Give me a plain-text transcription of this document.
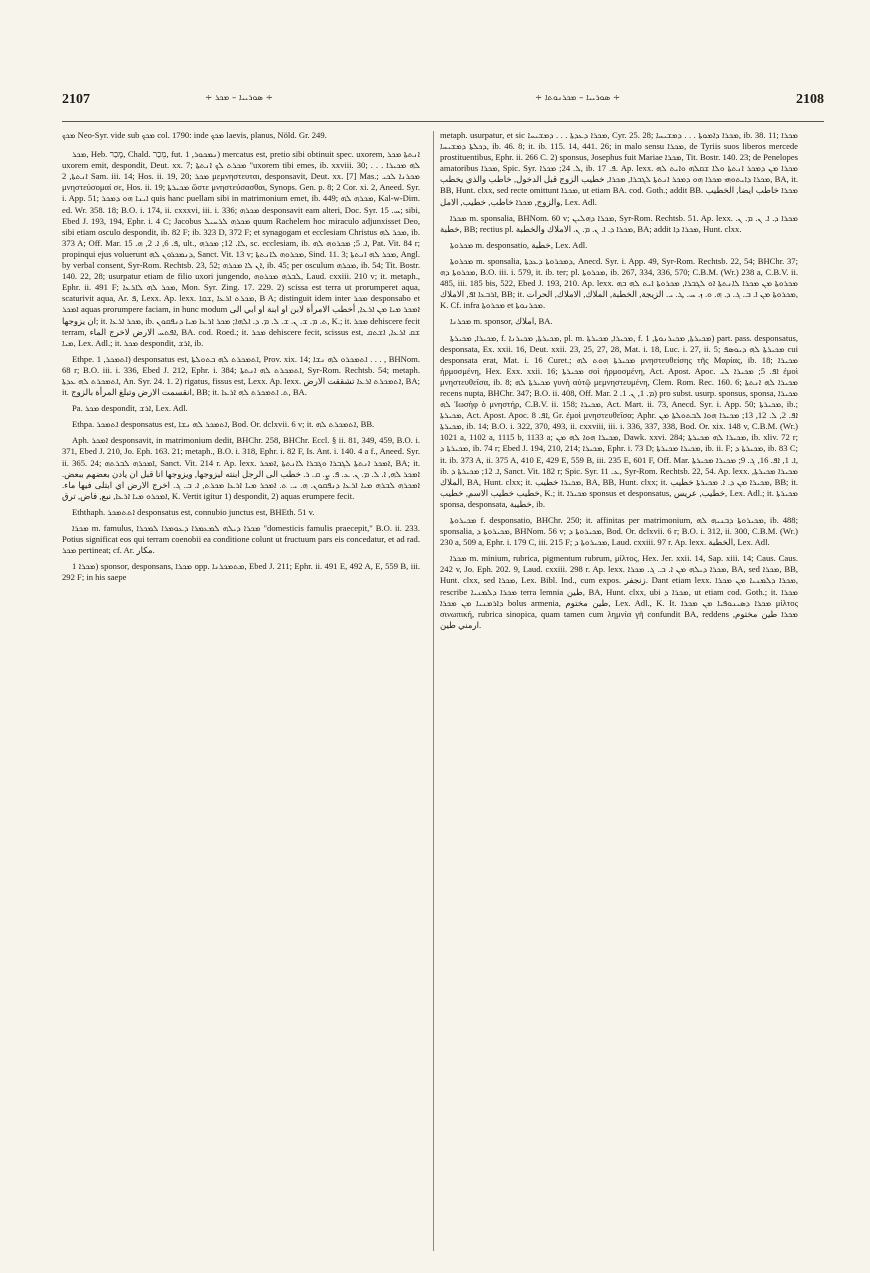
2107	∻ ܣܘܪܝܝܐ – ܡܟܪ ∻	∻ ܣܘܪܝܝܐ – ܡܟܪܢܘܬܐ ∻	2108

ܡܟܟ Neo-Syr. vide sub ܡܟܟ col. 1790: inde ܡܟܟ laevis, planus, Nöld. Gr. 249.

ܡܟܪ, Heb. מָכַר, Chald. מְכַר, fut. ܢܡܟܘܪ, 1) mercatus est, pretio sibi obtinuit spec. uxorem, ܐܢܬܬܐ ܡܟܪ uxorem emit, despondit, Deut. xx. 7; ܡܟܪܬ ܠܟ ܐܢܬܬܐ "uxorem tibi emes, ib. xxviii. 30; ܠܗ ܡܟܝܪܐ . . . ܐܢܬܬܐ, 2 Sam. iii. 14; Hos. ii. 19, 20; ܡܟܪ μεμνηστευται, desponsavit, Deut. xx. [7] Mas.; ܡܟܪܢܐ ܠܟܝ μνηστεύσομαί σε, Hos. ii. 19; ܡܟܝܪܬܐ ὥστε μνηστεύσασθαι, Synops. Gen. p. 8; 2 Cor. xi. 2, Aneed. Syr. i. App. 51; ܐܝܢܐ ܗܘ ܕܡܟܪ quis hanc puellam sibi in matrimonium emet, ib. 449; ܡܟܪܗ ܠܗ, Kal-w-Dim. ed. Wr. 358. 18; B.O. i. 174, ii. cxxxvi, iii. i. 336; ܡܟܪܗ desponsavit eam alteri, Doc. Syr. ܚ. 15; sibi, Ebed J. 193, 194, Ephr. i. 4 C; Jacobus ܡܟܪܗ ܠܪܚܝܠ quum Rachelem hoc miraculo adjunxisset Deo, sibi etiam osculo despondit, ib. 82 F; ib. 323 D, 372 F; et synagogam et ecclesiam Christus ܡܟܪ ܠܗ, ib. 373 A; Off. Mar. ܦ. 6, ܐ. 2, ܗ. 15, ult., ܠܐ. 12; ܡܟܪܗ, sc. ecclesiam, ib. ܐ. 5; ܡܟܪܘܗ ܠܗ, Pat. Vit. 84 r; propinqui ejus voluerunt ܕܢܡܟܪܘܢ ܠܗ, Sanct. Vit. 13 v; ܡܟܪܘܗ ܠܐܢܬܬܐ, Sind. 11. 3; ܡܟܪ ܠܗ ܐܢܬܬܐ, Angl. by verbal consent, Syr-Rom. Rechtsb. 23, 52; ܐܢ ܠܐ ܡܟܪܗ, ib. 45; per osculum ܡܟܪܗ, ib. 54; Tit. Bostr. 140. 22, 28; usurpatur etiam de filio uxori jungendo, ܠܒܪܗ ܡܟܪܘܗ, Laud. cxxiii. 210 v; it. metaph., Ephr. ii. 491 F; ܡܟܪ ܠܗ ܠܐܪܥܐ, Mon. Syr. Zing. 17. 229. 2) scissa est terra ut prorumperet aqua, scaturivit aqua, Ar. ܦ, Lexx. Ap. lexx. ܡܟܪܬ ܐܪܥܐ ,ܫܩܐ, B A; distinguit idem inter ܡܟܪ desponsabo et ܐܡܟܪ aquas prorumpere faciam, in hunc modum ܐܡܟܪ ܡܝܐ ܡܢ ܐܪܥܐ, أخطب الامرأة لابن او ابنة او ابي الى ان يزوجها; it. ܡܟܪ ܐܪܥܐ, ib. ܬ. ܡ. ܫ. ܢ. ܫ. ܠ. ܡ. ܕ. ܐܠܗܐ; ܡܟܪ ܐܪܥܐ ܡܝܐ ܕܢܦܩܘܢ, K.; it. ܡܟܪ dehiscere fecit terram, ܐܦܬܚ الارض لاخرج الماء, BA. cod. Roed.; it. ܡܟܪ dehiscere fecit, scissus est, ܫܩ ܐܪܥܐ, ܐܫܬܩ ܡܝܐ, Lex. Adl.; it. ܡܟܪ despondit, ܐܪܫ, ib.

Ethpe. ܐܬܡܟܪ, 1) desponsatus est, ܐܬܡܟܪܬ ܠܗ ܒܬܘܠܬܐ, Prov. xix. 14; ܐܬܡܟܪܘ ܠܗ ܢܫܐ . . . , BHNom. 68 r; B.O. iii. i. 336, Ebed J. 212, Ephr. i. 384; ܐܬܡܟܪܬ ܠܗ ܐܢܬܬܐ, Syr-Rom. Rechtsb. 54; metaph. ܐܬܡܟܪܬ ܠܗ ܥܕܬܐ, An. Syr. 24. 1. 2) rigatus, fissus est, Lexx. Ap. lexx. ܐܬܡܟܪܬ ܐܪܥܐ تشققت الارض, BA; it. انقسمت الارض وتبلغ المرأة بالزوج, BB; it. ܬ. ܐܬܡܟܪܬ ܠܗ ܐܪܥܐ, BA.

Pa. ܡܟܪ despondit, ܐܪܫ, Lex. Adl.

Ethpa. ܐܬܡܟܪ desponsatus est, ܐܬܡܟܪ ܠܗ ܢܫܐ, Bod. Or. dclxvii. 6 v; it. ܐܬܡܟܪܬ ܠܗ, BB.

Aph. ܐܡܟܪ desponsavit, in matrimonium dedit, BHChr. 258, BHChr. Eccl. § ii. 81, 349, 459, B.O. i. 371, Ebed J. 210, Jo. Eph. 163. 21; metaph., B.O. i. 318, Ephr. i. 82 F, Is. Ant. i. 140. 4 a f., Aneed. Syr. ii. 365. 24; ܐܡܟܪܗ ܠܒܪܬܗ, Sanct. Vit. 214 r. Ap. lexx. ܐܡܟܪ ܐܢܬܬܐ ܠܓܒܪܐ ܘܓܒܪܐ ܠܐܢܬܬܐ ,ܐܡܟܪ, BA; it. ܐܡܟܪ ܠܗ, ܐ. ܠ. ܡ. ܢ. ܥ. ܦ. ܨ. ܩ. ܪ. خطب الى الرجل ابنته ليزوجها, ويزوجها انا قبل ان يادن بعضهم ببعض. ܐܡܟܪܗ ܠܒܪܗ ܡܝܐ ܐܪܥܐ ܕܢܦܩܘܢ. ܗ. ܝ. ܬ. ܐܡܟܪ ܡܝܐ ܐܪܥܐ ܡܟܪܬ, ܐ. ܒ. ܓ. اخرج الارض اي ابتلى فيها ماء. ܐܡܟܪܘ ܡܝܐ ܐܪܥܐ, نبع, فاض, ترق, K. Vertit igitur 1) despondit, 2) aquas erumpere fecit.

Eththaph. ܐܬܬܡܟܪ desponsatus est, connubio junctus est, BHEth. 51 v.

ܡܟܪܐ m. famulus, ܡܟܪܐ ܕܝܠܗ ܠܡܥܡܪܐ ܕܥܘܡܪܐ ܠܡܟܪܐ "domesticis famulis praecepit," B.O. ii. 233. Potius significat eos qui terram coenobii ea conditione colunt ut fructuum pars eis concedatur, et ad rad. ܡܟܪ pertineat; cf. Ar. مكار.

ܡܟܪܐ 1) sponsor, desponsans, ܡܟܪܐ opp. ܡܬܡܟܪܢܐ, Ebed J. 211; Ephr. ii. 491 E, 492 A, E, 559 B, iii. 292 F; in his saepe

metaph. usurpatur, et sic ܡܟܪܐ ܕܥܕܬܐ . . . ܕܡܫܝܚܐ, Cyr. 25. 28; ܡܟܪܐ ܕܐܡܘܬܐ . . . ܕܡܫܝܚܐ, ib. 38. 11; ܡܟܪܐ ܕܟܠܬܐ ܕܡܫܝܚܐ, ib. 46. 8; it. ib. 115. 14, 441. 26; in malo sensu ܡܟܪܐ, de Tyriis suos liberos mercede prostituentibus, Ephr. ii. 266 C. 2) sponsus, Josephus fuit Mariae ܡܟܪܐ, Tit. Bostr. 140. 23; de Penelopes amatoribus ܡܟܪܐ, Spic. Syr. ܠ. 24; ܡܟܪܐ, ib. ܦ. 17. Ap. lexx. ܡܟܪܐ ܡܢ ܕܡܟܪ ܐܢܬܬܐ ܘܠܐ ܫܩܠܗ ܘܐܝܬ ܠܗ ܡܟܪܐ ܕܐܝܬܘܗܝ ܡܟܪܐ ܗܘ ܕܡܟܪ ܐܢܬܬܐ ܠܓܒܪܐ, ܡܟܪܐ, خطيب الزوج قبل الدخول, خاطب والذي يخطب, BA, it. BB, Hunt. clxx, sed recte omittunt ܡܟܪܐ, ut etiam BA. cod. Goth.; addit BB. ܡܟܪܐ خاطب ايضا, الخطيب والزوج, ܡܟܪܐ خاطب, خطيب, الامل, Lex. Adl.

ܡܟܪܐ m. sponsalia, BHNom. 60 v; ܡܟܪܐ ܕܗܠܝܢ, Syr-Rom. Rechtsb. 51. Ap. lexx. ܡܟܪܐ ܕ. ܐ. ܢ. ܡ. ܢ. خطبة, BB; rectius pl. ܡܟܪܐ ܕ. ܐ. ܢ. ܡ. ܢ. الاملاك والخطبة, BA; addit ܡܟܪܐ ܕܐ, Hunt. clxx.

ܡܟܪܘܬܐ m. desponsatio, خطبة, Lex. Adl.

ܡܟܪܘܬܐ m. sponsalia, ܕܡܟܪܘܬܐ ܕܥܕܬܐ, Anecd. Syr. i. App. 49, Syr-Rom. Rechtsb. 22, 54; BHChr. 37; ܡܟܪܘܬܐ ܕܗ, B.O. iii. i. 579, it. ib. ter; pl. ܡܟܪܘܬܐ, ib. 267, 334, 336, 570; C.B.M. (Wr.) 238 a, C.B.V. ii. 485, iii. 185 bis, 522, Ebed J. 193, 210. Ap. lexx. ܡܟܪܘܬܐ ܡܢ ܡܟܪܐ ܠܐܢܬܬܐ ܐܘ ܠܓܒܪܐ, ܡܟܪܘܬܐ ܐܝܬ ܠܗ ܒܗ ܐܪܒܥܐ ܐܦ, الاملاك, BB; it. ܡܟܪܘܬܐ ܡܢ ܐ. ܒ. ܓ. ܕ. ܗ. ܘ. ܙ. ܚ. ܛ. ܝ. الزيجة, الخطبة, الملاك, الاملاك, الحرات, K. Cf. infra ܡܟܪܘܬܐ et ܡܟܪܢܘܬܐ.

ܡܟܪܢܐ m. sponsor, املاك, BA.

ܡܟܝܪܐ, ܡܟܝܪܬܐ, f. ܡܟܝܪܬܐ, ܡܟܝܪܢܐ, pl. m. ܡܟܝܪܐ, ܡܟܝܪܬܐ, f. ܡܟܝܪܬܐ, ܡܟܝܪܢܘܬܐ, 1) part. pass. desponsatus, desponsata, Ex. xxii. 16, Deut. xxii. 23, 25, 27, 28, Mat. i. 18, Luc. i. 27, ii. 5; ܡܟܝܪܬܐ ܠܗ ܕܝܘܣܦ cui desponsata erat, Mat. i. 16 Curet.; ܡܟܝܪܬܐ ܗܘܬ ܠܗ μνηστευθείσης τῆς Μαρίας, ib. 18; ܡܟܝܪܐ ἡρμοσμένη, Hex. Exx. xxii. 16; ܡܟܝܪܬܐ σοὶ ἡρμοσμένη, Act. Apost. Apoc. ܐܦ. 5; ܡܟܝܪܐ ܠܝ ἐμοὶ μνηστευθεῖσα, ib. 8; ܡܟܝܪܬܐ ܠܗ γυνὴ αὐτῷ μεμνηστευμένη, Clem. Rom. Rec. 160. 6; ܡܟܝܪܐ ܠܗ ܐܢܬܬܐ recens nupta, BHChr. 347; B.O. ii. 408, Off. Mar. ܡ. 1, ܢ. 1. 2) pro subst. usurp. sponsus, sponsa, ܡܟܝܪܐ ܠܗ Ἰωσὴφ ὁ μνηστήρ, C.B.V. ii. 158; ܡܟܝܪܐ, Act. Mart. ii. 73, Anecd. Syr. i. App. 50; ܡܟܝܪܬܐ, ib.; ܡܟܝܪܬܐ, Act. Apost. Apoc. ܐܦ. 8, Gr. ἐμοὶ μνηστευθεῖσα; Aphr. ܐܦ. 2, ܠ. 12, 13; ܡܟܝܪܐ ܗܘܐ ܠܒܬܘܠܬܐ ܡܢ ܡܟܝܪܬܐ, ib. 14; B.O. i. 322, 370, 493, ii. cxxviii, iii. i. 336, 337, 338, Bod. Or. xix. 148 v, C.B.M. (Wr.) 1021 a, 1102 a, 1115 b, 1133 a; ܡܟܝܪܐ ܗܘܐ ܠܗ ܡܢ, Dawk. xxvi. 284; ܡܟܝܪܐ ܠܗ ܡܟܝܪܬܐ, ib. xliv. 72 r; ܡܟܝܪܬܐ ܕ, ib. 74 r; Ebed J. 194, 210, 214; ܡܟܝܪܐ, Ephr. i. 73 D; ܡܟܝܪܐ ܡܟܝܪܬܐ, ib. ii. F; ܡܟܝܪܬܐ ܕ, ib. 83 C; it. ib. 373 A, ii. 375 A, 410 E, 429 E, 559 B, iii. 235 E, 601 F, Off. Mar. ܐ. 1, ܐܦ. 16, ܓ. 9; ܡܟܝܪܐ ܡܟܝܪܬܐ, ib. ܐ. 12; ܡܟܝܪܬܐ ܕ, Sanct. Vit. 182 r; Spic. Syr. ܥ. 11, Syr-Rom. Rechtsb. 22, 54. Ap. lexx. ܡܟܝܪܐ ܡܟܝܪܬܐ, الملاك, BA, Hunt. clxx; it. ܡܟܝܪܐ خطيب, BA, BB, Hunt. clxx; it. ܡܟܝܪܐ ܡܢ ܕ. ܐ. ܡܟܝܪܬܐ خطيب, BB; it. خطيب خطيب الاسم, خطيب, K.; it. ܡܟܝܪܐ sponsus et desponsatus, خطيب, عريس, Lex. Adl.; it. ܡܟܝܪܬܐ sponsa, desponsata, خطيبة, ib.

ܡܟܝܪܘܬܐ f. desponsatio, BHChr. 250; it. affinitas per matrimonium, ܡܟܝܪܘܬܐ ܕܒܢܝܗ ܠܗ, ib. 488; sponsalia, ܡܟܝܪܘܬܐ ܕ, BHNom. 56 v; ܡܟܝܪܘܬܐ ܕ, Bod. Or. dclxvii. 6 r; B.O. i. 312, ii. 300, C.B.M. (Wr.) 230 a, 509 a, Ephr. i. 179 C, iii. 215 F; ܡܟܝܪܘܬܐ ܕ, Laud. cxxiii. 97 r. Ap. lexx. الخطبة, Lex. Adl.

ܡܟܪܐ m. minium, rubrica, pigmentum rubrum, μίλτος, Hex. Jer. xxii. 14, Sap. xiii. 14; Caus. Caus. 242 v, Jo. Eph. 202. 9, Laud. cxxiii. 298 r. Ap. lexx. ܡܟܪܐ ܕܝܠܗ ܡܢ ܐ. ܒ. ܓ. ܡܟܪܐ, BA, sed ܡܟܪܐ, BB, Hunt. clxx, sed ܡܟܪܐ, Lex. Bibl. Ind., cum expos. زنجفر. Dant etiam lexx. ܡܟܪܐ ܕܠܡܢܝܐ ܡܢ ܡܟܪܐ, rescribe ܡܟܪܐ ܕܠܡܢܝܐ terra lemnia طين, BA, Hunt. clxx, ubi ܡܟܪܐ ܕ, ut etiam cod. Goth.; it. ܡܟܪܐ ܕܐܪܡܢܝܐ ܡܢ ܡܟܪܐ bolus armenia, طين مختوم, Lex. Adl., K. It. ܡܟܪܐ ܕܣܝܢܘܦܝܐ ܡܢ ܡܟܪܐ μίλτος σινωπική, rubrica sinopica, quam tamen cum λημνία γῆ confundit BA, reddens ܡܟܪܐ طين مختوم, ارمني طين.
